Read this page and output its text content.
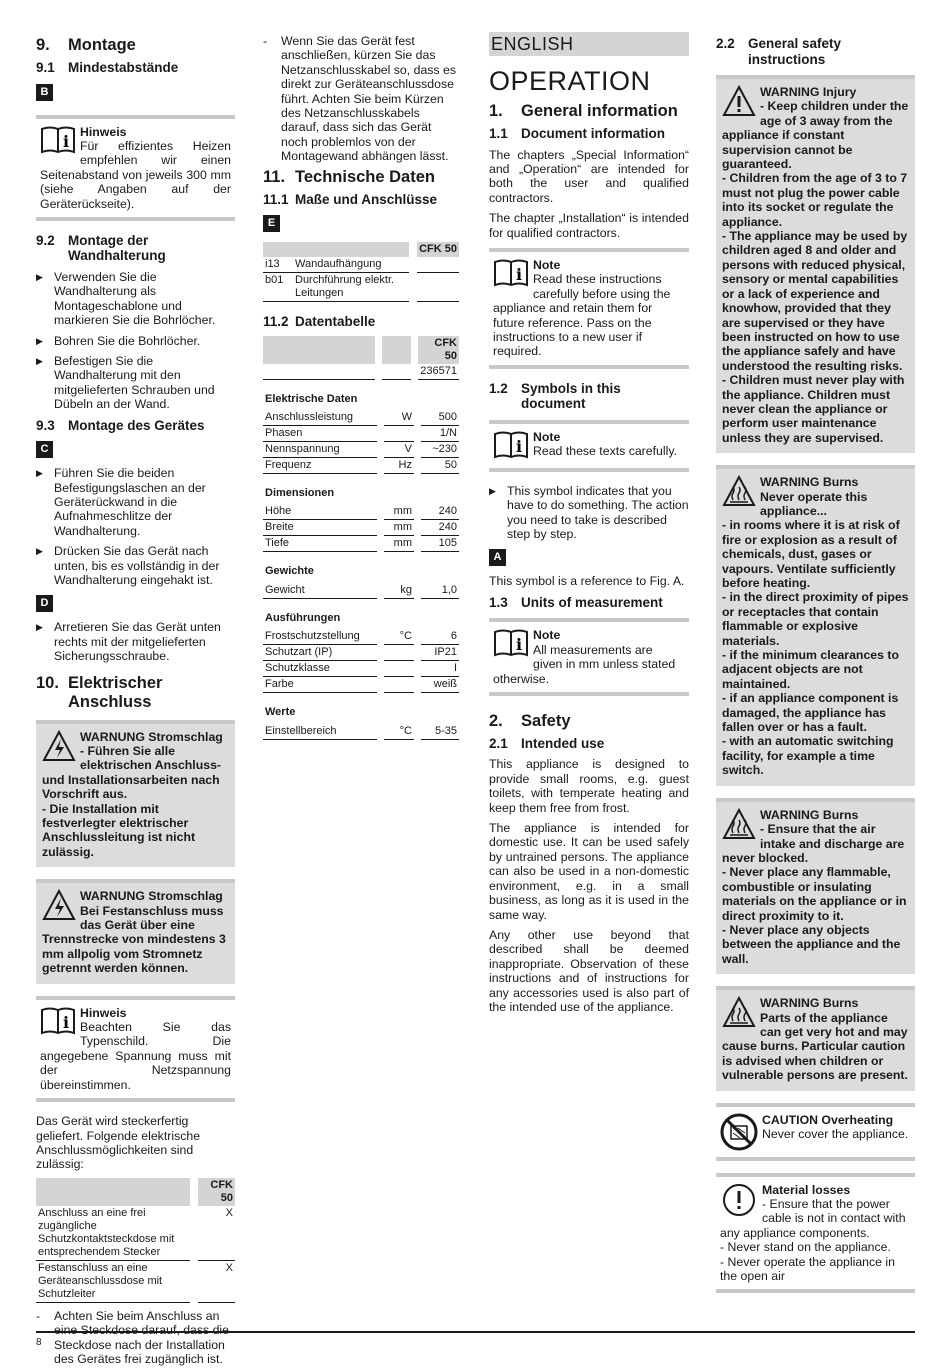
9.	Montage
9.1 Mindestabstände
B
i Hinweis
Für effizientes Heizen empfehlen wir einen Seitenabstand von jeweils 300 mm (siehe Angaben auf der Geräterückseite).
9.2 Montage der Wandhalterung
▶ Verwenden Sie die Wandhalterung als Montageschablone und markieren Sie die Bohrlöcher.
▶ Bohren Sie die Bohrlöcher.
▶ Befestigen Sie die Wandhalterung mit den mitgelieferten Schrauben und Dübeln an der Wand.
9.3 Montage des Gerätes
C
▶ Führen Sie die beiden Befestigungslaschen an der Geräterückwand in die Aufnahmeschlitze der Wandhalterung.
▶ Drücken Sie das Gerät nach unten, bis es vollständig in der Wandhalterung eingehakt ist.
D
▶ Arretieren Sie das Gerät unten rechts mit der mitgelieferten Sicherungsschraube.
10. Elektrischer Anschluss
WARNUNG Stromschlag
- Führen Sie alle elektrischen Anschluss- und Installationsarbeiten nach Vorschrift aus.
- Die Installation mit festverlegter elektrischer Anschlussleitung ist nicht zulässig.
WARNUNG Stromschlag
Bei Festanschluss muss das Gerät über eine Trennstrecke von mindestens 3 mm allpolig vom Stromnetz getrennt werden können.
i Hinweis
Beachten Sie das Typenschild. Die angegebene Spannung muss mit der Netzspannung übereinstimmen.

Das Gerät wird steckerfertig geliefert. Folgende elektrische Anschlussmöglichkeiten sind zulässig:

		CFK 50
Anschluss an eine frei zugängliche Schutzkontaktsteckdose mit entsprechendem Stecker		X
Festanschluss an eine Geräteanschlussdose mit Schutzleiter		X
-	Achten Sie beim Anschluss an eine Steckdose darauf, dass die Steckdose nach der Installation des Gerätes frei zugänglich ist.
-	Wenn Sie das Gerät fest anschließen, kürzen Sie das Netzanschlusskabel so, dass es direkt zur Geräteanschlussdose führt. Achten Sie beim Kürzen des Netzanschlusskabels darauf, dass sich das Gerät noch problemlos von der Montagewand abhängen lässt.
11. Technische Daten
11.1 Maße und Anschlüsse
E
			CFK 50
i13	Wandaufhängung		
b01	Durchführung elektr. Leitungen		
11.2 Datentabelle
				CFK 50
				236571
Elektrische Daten
Anschlussleistung		W		500
Phasen				1/N
Nennspannung		V		~230
Frequenz		Hz		50
Dimensionen
Höhe		mm		240
Breite		mm		240
Tiefe		mm		105
Gewichte
Gewicht		kg		1,0
Ausführungen
Frostschutzstellung		°C		6
Schutzart (IP)				IP21
Schutzklasse				I
Farbe				weiß
Werte
Einstellbereich		°C		5-35
ENGLISH
OPERATION
1.	General information
1.1 Document information

The chapters „Special Information“ and „Operation“ are intended for both the user and qualified contractors.

The chapter „Installation“ is intended for qualified contractors.

i Note
Read these instructions carefully before using the appliance and retain them for future reference. Pass on the instructions to a new user if required.
1.2 Symbols in this document
i Note
Read these texts carefully.
▶ This symbol indicates that you have to do something. The action you need to take is described step by step.
A

This symbol is a reference to Fig. A.

1.3 Units of measurement
i Note
All measurements are given in mm unless stated otherwise.
2.	Safety
2.1 Intended use

This appliance is designed to provide small rooms, e.g. guest toilets, with temperate heating and keep them free from frost.

The appliance is intended for domestic use. It can be used safely by untrained persons. The appliance can also be used in a non-domestic environment, e.g. in a small business, as long as it is used in the same way.

Any other use beyond that described shall be deemed inappropriate. Observation of these instructions and of instructions for any accessories used is also part of the intended use of the appliance.

2.2 General safety instructions
WARNING Injury
- Keep children under the age of 3 away from the appliance if constant supervision cannot be guaranteed.
- Children from the age of 3 to 7 must not plug the power cable into its socket or regulate the appliance.
- The appliance may be used by children aged 8 and older and persons with reduced physical, sensory or mental capabilities or a lack of experience and knowhow, provided that they are supervised or they have been instructed on how to use the appliance safely and have understood the resulting risks.
- Children must never play with the appliance. Children must never clean the appliance or perform user maintenance unless they are supervised.
WARNING Burns
Never operate this appliance...
- in rooms where it is at risk of fire or explosion as a result of chemicals, dust, gases or vapours. Ventilate sufficiently before heating.
- in the direct proximity of pipes or receptacles that contain flammable or explosive materials.
- if the minimum clearances to adjacent objects are not maintained.
- if an appliance component is damaged, the appliance has fallen over or has a fault.
- with an automatic switching facility, for example a time switch.
WARNING Burns
- Ensure that the air intake and discharge are never blocked.
- Never place any flammable, combustible or insulating materials on the appliance or in direct proximity to it.
- Never place any objects between the appliance and the wall.
WARNING Burns
Parts of the appliance can get very hot and may cause burns. Particular caution is advised when children or vulnerable persons are present.
CAUTION Overheating
Never cover the appliance.
Material losses
- Ensure that the power cable is not in contact with any appliance components.
- Never stand on the appliance.
- Never operate the appliance in the open air
8
